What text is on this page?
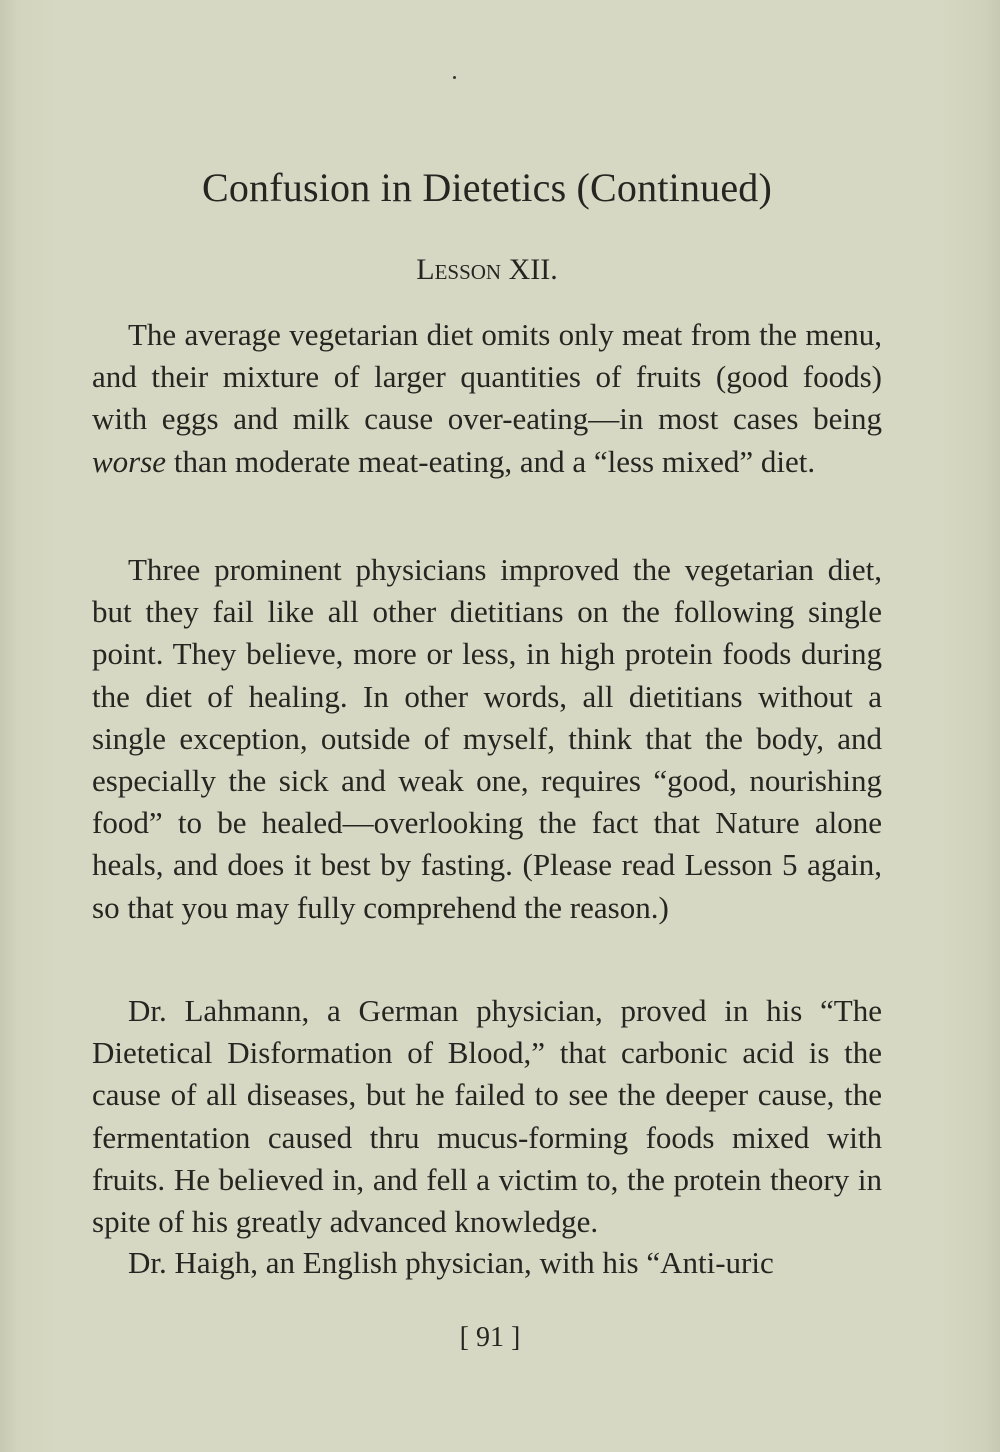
Confusion in Dietetics (Continued)
Lesson XII.

The average vegetarian diet omits only meat from the menu, and their mixture of larger quantities of fruits (good foods) with eggs and milk cause over-eating—in most cases being worse than moderate meat-eating, and a “less mixed” diet.

Three prominent physicians improved the vegetarian diet, but they fail like all other dietitians on the following single point. They believe, more or less, in high protein foods during the diet of healing. In other words, all dietitians without a single exception, outside of myself, think that the body, and especially the sick and weak one, requires “good, nourishing food” to be healed—overlooking the fact that Nature alone heals, and does it best by fasting. (Please read Lesson 5 again, so that you may fully comprehend the reason.)

Dr. Lahmann, a German physician, proved in his “The Dietetical Disformation of Blood,” that carbonic acid is the cause of all diseases, but he failed to see the deeper cause, the fermentation caused thru mucus-forming foods mixed with fruits. He believed in, and fell a victim to, the protein theory in spite of his greatly advanced knowledge.

Dr. Haigh, an English physician, with his “Anti-uric

[ 91 ]
